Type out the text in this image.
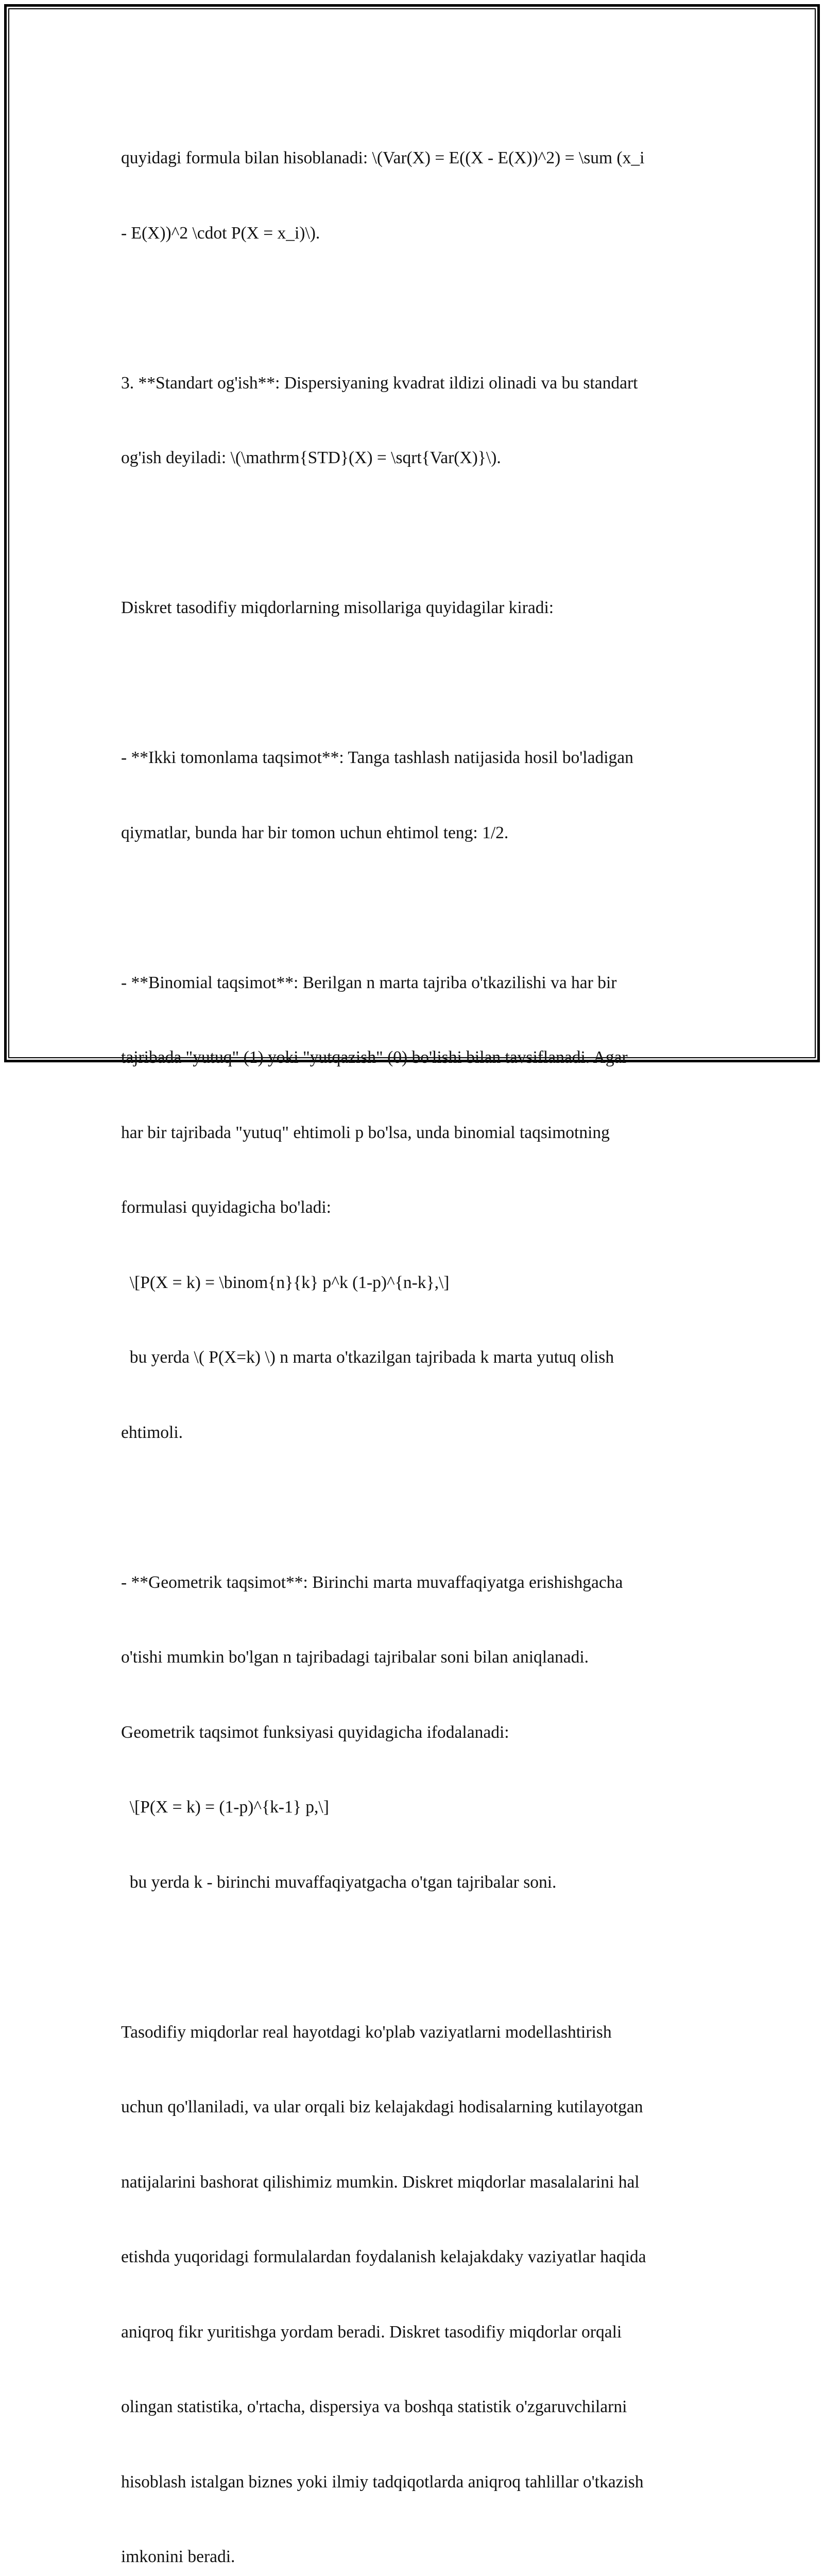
quyidagi formula bilan hisoblanadi: \(Var(X) = E((X - E(X))^2) = \sum (x_i

- E(X))^2 \cdot P(X = x_i)\).

3. **Standart og'ish**: Dispersiyaning kvadrat ildizi olinadi va bu standart

og'ish deyiladi: \(\mathrm{STD}(X) = \sqrt{Var(X)}\).

Diskret tasodifiy miqdorlarning misollariga quyidagilar kiradi:

- **Ikki tomonlama taqsimot**: Tanga tashlash natijasida hosil bo'ladigan

qiymatlar, bunda har bir tomon uchun ehtimol teng: 1/2.

- **Binomial taqsimot**: Berilgan n marta tajriba o'tkazilishi va har bir

tajribada "yutuq" (1) yoki "yutqazish" (0) bo'lishi bilan tavsiflanadi. Agar

har bir tajribada "yutuq" ehtimoli p bo'lsa, unda binomial taqsimotning

formulasi quyidagicha bo'ladi:

\[P(X = k) = \binom{n}{k} p^k (1-p)^{n-k},\]

bu yerda \( P(X=k) \) n marta o'tkazilgan tajribada k marta yutuq olish

ehtimoli.

- **Geometrik taqsimot**: Birinchi marta muvaffaqiyatga erishishgacha

o'tishi mumkin bo'lgan n tajribadagi tajribalar soni bilan aniqlanadi.

Geometrik taqsimot funksiyasi quyidagicha ifodalanadi:

\[P(X = k) = (1-p)^{k-1} p,\]

bu yerda k - birinchi muvaffaqiyatgacha o'tgan tajribalar soni.

Tasodifiy miqdorlar real hayotdagi ko'plab vaziyatlarni modellashtirish

uchun qo'llaniladi, va ular orqali biz kelajakdagi hodisalarning kutilayotgan

natijalarini bashorat qilishimiz mumkin. Diskret miqdorlar masalalarini hal

etishda yuqoridagi formulalardan foydalanish kelajakdaky vaziyatlar haqida

aniqroq fikr yuritishga yordam beradi. Diskret tasodifiy miqdorlar orqali

olingan statistika, o'rtacha, dispersiya va boshqa statistik o'zgaruvchilarni

hisoblash istalgan biznes yoki ilmiy tadqiqotlarda aniqroq tahlillar o'tkazish

imkonini beradi.
